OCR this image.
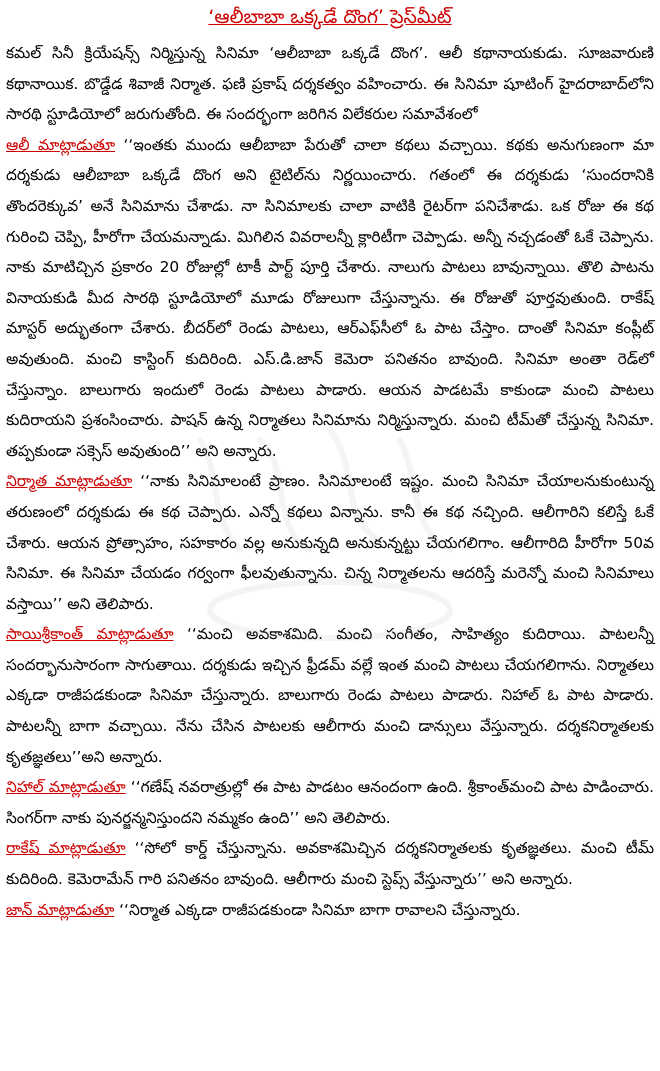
‘ఆలీబాబా ఒక్కడే దొంగ’ ప్రెస్‌మీట్

కమల్ సినీ క్రియేషన్స్ నిర్మిస్తున్న సినిమా ‘ఆలీబాబా ఒక్కడే దొంగ’. ఆలీ కథానాయకుడు. సూజవారుణి కథానాయిక. బొడ్డేడ శివాజీ నిర్మాత. ఫణి ప్రకాష్ దర్శకత్వం వహించారు. ఈ సినిమా షూటింగ్ హైదరాబాద్‌లోని సారథి స్టూడియోలో జరుగుతోంది. ఈ సందర్భంగా జరిగిన విలేకరుల సమావేశంలో

ఆలీ మాట్లాడుతూ ‘‘ఇంతకు ముందు ఆలీబాబా పేరుతో చాలా కథలు వచ్చాయి. కథకు అనుగుణంగా మా దర్శకుడు ఆలీబాబా ఒక్కడే దొంగ అని టైటిల్‌ను నిర్ణయించారు. గతంలో ఈ దర్శకుడు ‘సుందరానికి తొందరెక్కువ’ అనే సినిమాను చేశాడు. నా సినిమాలకు చాలా వాటికి రైటర్‌గా పనిచేశాడు. ఒక రోజు ఈ కథ గురించి చెప్పి, హీరోగా చేయమన్నాడు. మిగిలిన వివరాలన్నీ క్లారిటీగా చెప్పాడు. అన్నీ నచ్చడంతో ఓకే చెప్పాను. నాకు మాటిచ్చిన ప్రకారం 20 రోజుల్లో టాకీ పార్ట్ పూర్తి చేశారు. నాలుగు పాటలు బావున్నాయి. తొలి పాటను వినాయకుడి మీద సారథి స్టూడియోలో మూడు రోజులుగా చేస్తున్నాను. ఈ రోజుతో పూర్తవుతుంది. రాకేష్ మాస్టర్ అద్భుతంగా చేశారు. బీదర్‌లో రెండు పాటలు, ఆర్‌ఎఫ్‌సీలో ఓ పాట చేస్తాం. దాంతో సినిమా కంప్లీట్ అవుతుంది. మంచి కాస్టింగ్ కుదిరింది. ఎస్.డి.జాన్ కెమెరా పనితనం బావుంది. సినిమా అంతా రెడ్‌లో చేస్తున్నాం. బాలుగారు ఇందులో రెండు పాటలు పాడారు. ఆయన పాడటమే కాకుండా మంచి పాటలు కుదిరాయని ప్రశంసించారు. పాషన్ ఉన్న నిర్మాతలు సినిమాను నిర్మిస్తున్నారు. మంచి టీమ్‌తో చేస్తున్న సినిమా. తప్పకుండా సక్సెస్ అవుతుంది’’ అని అన్నారు.

నిర్మాత మాట్లాడుతూ ‘‘నాకు సినిమాలంటే ప్రాణం. సినిమాలంటే ఇష్టం. మంచి సినిమా చేయాలనుకుంటున్న తరుణంలో దర్శకుడు ఈ కథ చెప్పారు. ఎన్నో కథలు విన్నాను. కానీ ఈ కథ నచ్చింది. ఆలీగారిని కలిస్తే ఓకే చేశారు. ఆయన ప్రోత్సాహం, సహకారం వల్ల అనుకున్నది అనుకున్నట్టు చేయగలిగాం. ఆలీగారిది హీరోగా 50వ సినిమా. ఈ సినిమా చేయడం గర్వంగా ఫీలవుతున్నాను. చిన్న నిర్మాతలను ఆదరిస్తే మరెన్నో మంచి సినిమాలు వస్తాయి’’ అని తెలిపారు.

సాయిశ్రీకాంత్ మాట్లాడుతూ ‘‘మంచి అవకాశమిది. మంచి సంగీతం, సాహిత్యం కుదిరాయి. పాటలన్నీ సందర్భానుసారంగా సాగుతాయి. దర్శకుడు ఇచ్చిన ఫ్రీడమ్ వల్లే ఇంత మంచి పాటలు చేయగలిగాను. నిర్మాతలు ఎక్కడా రాజీపడకుండా సినిమా చేస్తున్నారు. బాలుగారు రెండు పాటలు పాడారు. నిహాల్ ఓ పాట పాడారు. పాటలన్నీ బాగా వచ్చాయి. నేను చేసిన పాటలకు ఆలీగారు మంచి డాన్సులు వేస్తున్నారు. దర్శకనిర్మాతలకు కృతజ్ఞతలు’’అని అన్నారు.

నిహాల్ మాట్లాడుతూ ‘‘గణేష్ నవరాత్రుల్లో ఈ పాట పాడటం ఆనందంగా ఉంది. శ్రీకాంత్‌మంచి పాట పాడించారు. సింగర్‌గా నాకు పునర్జన్మనిస్తుందని నమ్మకం ఉంది’’ అని తెలిపారు.

రాకేష్ మాట్లాడుతూ ‘‘సోలో కార్డ్ చేస్తున్నాను. అవకాశమిచ్చిన దర్శకనిర్మాతలకు కృతజ్ఞతలు. మంచి టీమ్ కుదిరింది. కెమెరామేన్ గారి పనితనం బావుంది. ఆలీగారు మంచి స్టెప్స్ వేస్తున్నారు’’ అని అన్నారు.

జాన్ మాట్లాడుతూ ‘‘నిర్మాత ఎక్కడా రాజీపడకుండా సినిమా బాగా రావాలని చేస్తున్నారు.
